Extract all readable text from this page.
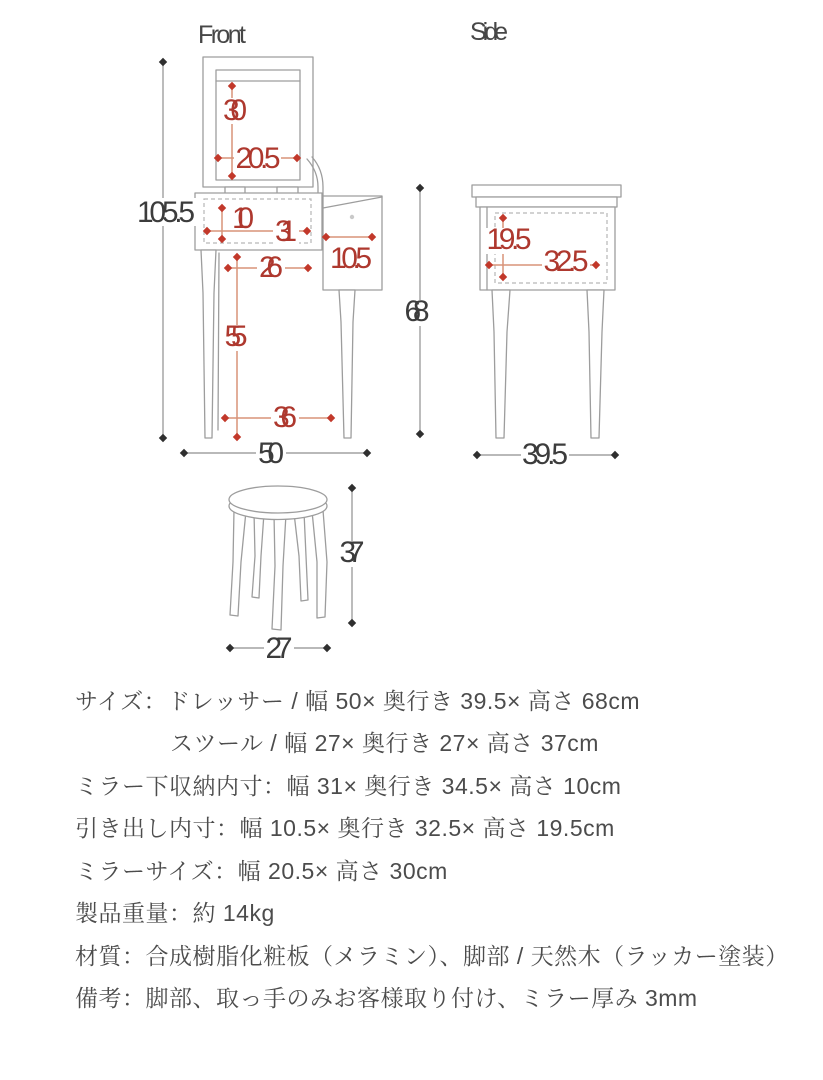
Front	Side
105.5
68
50
30
20.5
10 31
26
55
36
10.5
19.5
32.5
39.5
37
27
サイズ：ドレッサー / 幅 50× 奥行き 39.5× 高さ 68cm
スツール / 幅 27× 奥行き 27× 高さ 37cm
ミラー下収納内寸：幅 31× 奥行き 34.5× 高さ 10cm
引き出し内寸：幅 10.5× 奥行き 32.5× 高さ 19.5cm
ミラーサイズ：幅 20.5× 高さ 30cm
製品重量：約 14kg
材質：合成樹脂化粧板（メラミン）、脚部 / 天然木（ラッカー塗装）
備考：脚部、取っ手のみお客様取り付け、ミラー厚み 3mm
